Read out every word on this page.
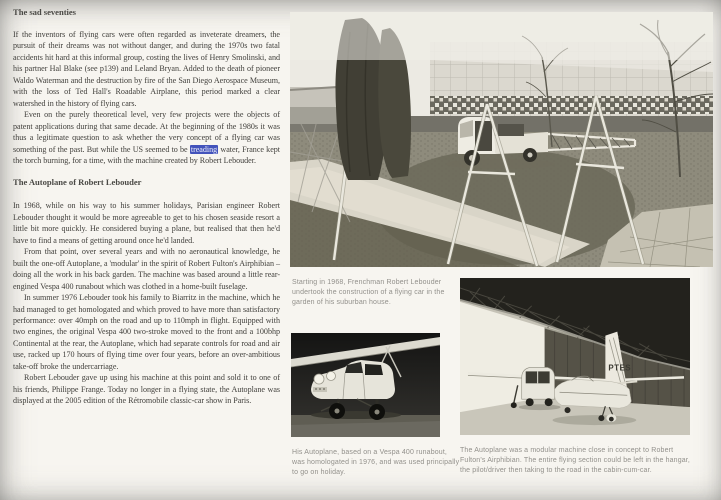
The sad seventies

If the inventors of flying cars were often regarded as inveterate dreamers, the pursuit of their dreams was not without danger, and during the 1970s two fatal accidents hit hard at this informal group, costing the lives of Henry Smolinski, and his partner Hal Blake (see p139) and Leland Bryan. Added to the death of pioneer Waldo Waterman and the destruction by fire of the San Diego Aerospace Museum, with the loss of Ted Hall's Roadable Airplane, this period marked a clear watershed in the history of flying cars.

Even on the purely theoretical level, very few projects were the objects of patent applications during that same decade. At the beginning of the 1980s it was thus a legitimate question to ask whether the very concept of a flying car was something of the past. But while the US seemed to be treading water, France kept the torch burning, for a time, with the machine created by Robert Lebouder.

The Autoplane of Robert Lebouder

In 1968, while on his way to his summer holidays, Parisian engineer Robert Lebouder thought it would be more agreeable to get to his chosen seaside resort a little bit more quickly. He considered buying a plane, but realised that then he'd have to find a means of getting around once he'd landed.

From that point, over several years and with no aeronautical knowledge, he built the one-off Autoplane, a 'modular' in the spirit of Robert Fulton's Airphibian – doing all the work in his back garden. The machine was based around a little rear-engined Vespa 400 runabout which was clothed in a home-built fuselage.

In summer 1976 Lebouder took his family to Biarritz in the machine, which he had managed to get homologated and which proved to have more than satisfactory performance: over 40mph on the road and up to 110mph in flight. Equipped with two engines, the original Vespa 400 two-stroke moved to the front and a 100bhp Continental at the rear, the Autoplane, which had separate controls for road and air use, racked up 170 hours of flying time over four years, before an over-ambitious take-off broke the undercarriage.

Robert Lebouder gave up using his machine at this point and sold it to one of his friends, Philippe Frange. Today no longer in a flying state, the Autoplane was displayed at the 2005 edition of the Rétromobile classic-car show in Paris.

Starting in 1968, Frenchman Robert Lebouder undertook the construction of a flying car in the garden of his suburban house.
His Autoplane, based on a Vespa 400 runabout, was homologated in 1976, and was used principally to go on holiday.
PTES
The Autoplane was a modular machine close in concept to Robert Fulton's Airphibian. The entire flying section could be left in the hangar, the pilot/driver then taking to the road in the cabin-cum-car.
